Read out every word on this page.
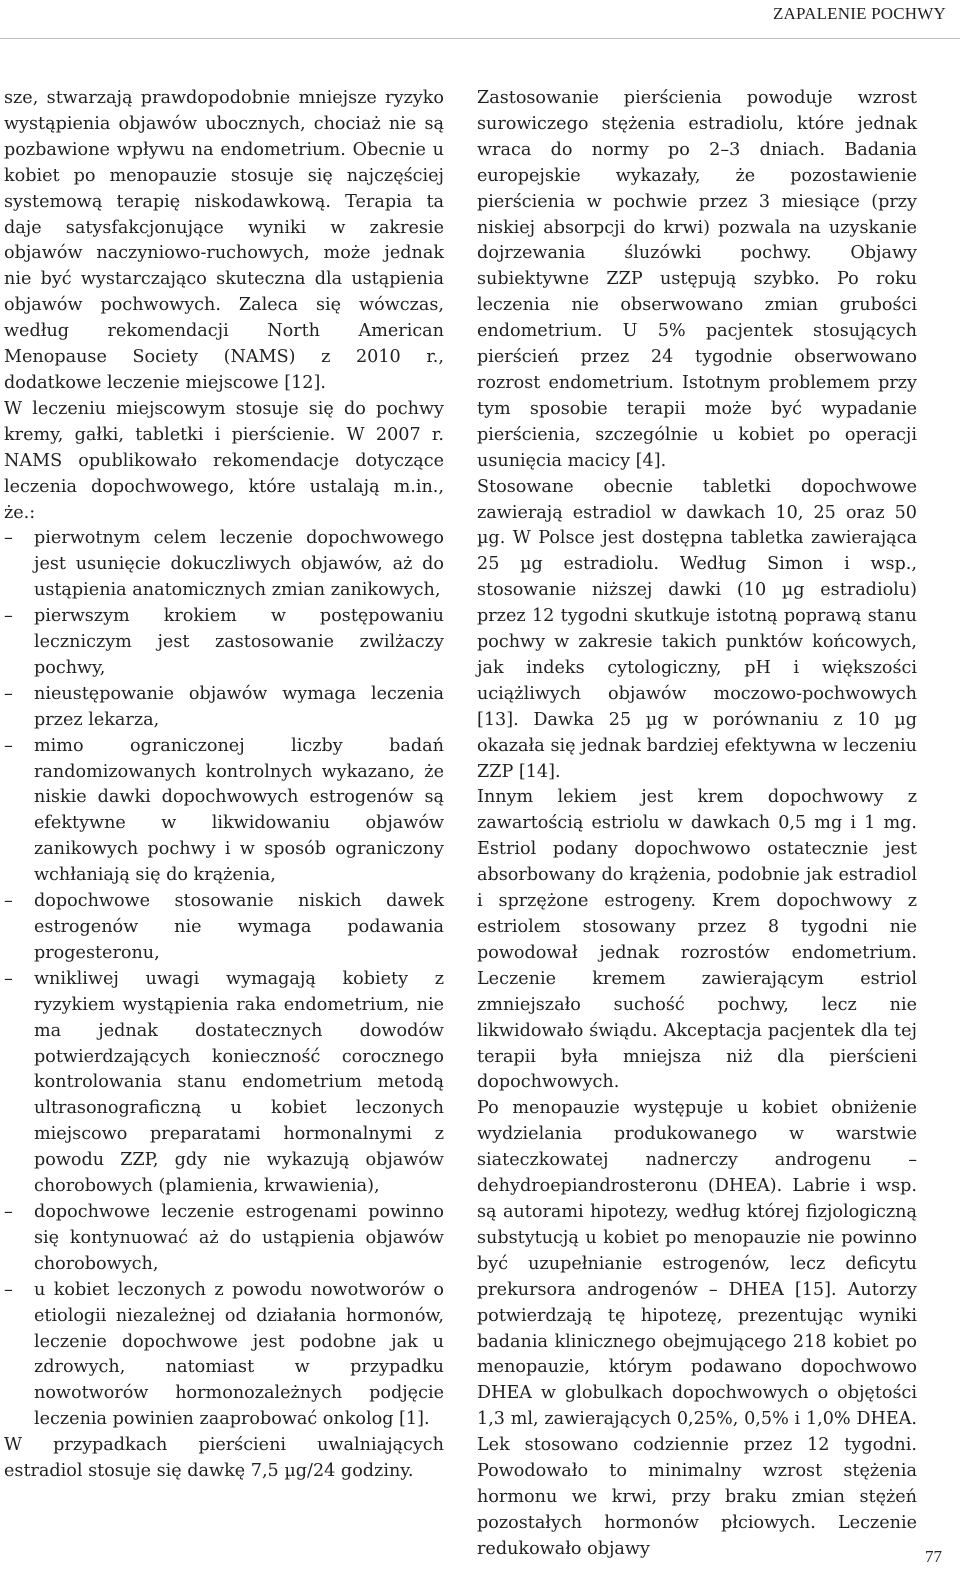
ZAPALENIE POCHWY

sze, stwarzają prawdopodobnie mniejsze ryzyko wystąpienia objawów ubocznych, chociaż nie są pozbawione wpływu na endometrium. Obecnie u kobiet po menopauzie stosuje się najczęściej systemową terapię niskodawkową. Terapia ta daje satysfakcjonujące wyniki w zakresie objawów naczyniowo-ruchowych, może jednak nie być wystarczająco skuteczna dla ustąpienia objawów pochwowych. Zaleca się wówczas, według rekomendacji North American Menopause Society (NAMS) z 2010 r., dodatkowe leczenie miejscowe [12].

W leczeniu miejscowym stosuje się do pochwy kremy, gałki, tabletki i pierścienie. W 2007 r. NAMS opublikowało rekomendacje dotyczące leczenia dopochwowego, które ustalają m.in., że.:

– pierwotnym celem leczenie dopochwowego jest usunięcie dokuczliwych objawów, aż do ustąpienia anatomicznych zmian zanikowych,
– pierwszym krokiem w postępowaniu leczniczym jest zastosowanie zwilżaczy pochwy,
– nieustępowanie objawów wymaga leczenia przez lekarza,
– mimo ograniczonej liczby badań randomizowanych kontrolnych wykazano, że niskie dawki dopochwowych estrogenów są efektywne w likwidowaniu objawów zanikowych pochwy i w sposób ograniczony wchłaniają się do krążenia,
– dopochwowe stosowanie niskich dawek estrogenów nie wymaga podawania progesteronu,
– wnikliwej uwagi wymagają kobiety z ryzykiem wystąpienia raka endometrium, nie ma jednak dostatecznych dowodów potwierdzających konieczność corocznego kontrolowania stanu endometrium metodą ultrasonograficzną u kobiet leczonych miejscowo preparatami hormonalnymi z powodu ZZP, gdy nie wykazują objawów chorobowych (plamienia, krwawienia),
– dopochwowe leczenie estrogenami powinno się kontynuować aż do ustąpienia objawów chorobowych,
– u kobiet leczonych z powodu nowotworów o etiologii niezależnej od działania hormonów, leczenie dopochwowe jest podobne jak u zdrowych, natomiast w przypadku nowotworów hormonozależnych podjęcie leczenia powinien zaaprobować onkolog [1].

W przypadkach pierścieni uwalniających estradiol stosuje się dawkę 7,5 µg/24 godziny.

Zastosowanie pierścienia powoduje wzrost surowiczego stężenia estradiolu, które jednak wraca do normy po 2–3 dniach. Badania europejskie wykazały, że pozostawienie pierścienia w pochwie przez 3 miesiące (przy niskiej absorpcji do krwi) pozwala na uzyskanie dojrzewania śluzówki pochwy. Objawy subiektywne ZZP ustępują szybko. Po roku leczenia nie obserwowano zmian grubości endometrium. U 5% pacjentek stosujących pierścień przez 24 tygodnie obserwowano rozrost endometrium. Istotnym problemem przy tym sposobie terapii może być wypadanie pierścienia, szczególnie u kobiet po operacji usunięcia macicy [4].

Stosowane obecnie tabletki dopochwowe zawierają estradiol w dawkach 10, 25 oraz 50 µg. W Polsce jest dostępna tabletka zawierająca 25 µg estradiolu. Według Simon i wsp., stosowanie niższej dawki (10 µg estradiolu) przez 12 tygodni skutkuje istotną poprawą stanu pochwy w zakresie takich punktów końcowych, jak indeks cytologiczny, pH i większości uciążliwych objawów moczowo-pochwowych [13]. Dawka 25 µg w porównaniu z 10 µg okazała się jednak bardziej efektywna w leczeniu ZZP [14].

Innym lekiem jest krem dopochwowy z zawartością estriolu w dawkach 0,5 mg i 1 mg. Estriol podany dopochwowo ostatecznie jest absorbowany do krążenia, podobnie jak estradiol i sprzężone estrogeny. Krem dopochwowy z estriolem stosowany przez 8 tygodni nie powodował jednak rozrostów endometrium. Leczenie kremem zawierającym estriol zmniejszało suchość pochwy, lecz nie likwidowało świądu. Akceptacja pacjentek dla tej terapii była mniejsza niż dla pierścieni dopochwowych.

Po menopauzie występuje u kobiet obniżenie wydzielania produkowanego w warstwie siateczkowatej nadnerczy androgenu – dehydroepiandrosteronu (DHEA). Labrie i wsp. są autorami hipotezy, według której fizjologiczną substytucją u kobiet po menopauzie nie powinno być uzupełnianie estrogenów, lecz deficytu prekursora androgenów – DHEA [15]. Autorzy potwierdzają tę hipotezę, prezentując wyniki badania klinicznego obejmującego 218 kobiet po menopauzie, którym podawano dopochwowo DHEA w globulkach dopochwowych o objętości 1,3 ml, zawierających 0,25%, 0,5% i 1,0% DHEA. Lek stosowano codziennie przez 12 tygodni. Powodowało to minimalny wzrost stężenia hormonu we krwi, przy braku zmian stężeń pozostałych hormonów płciowych. Leczenie redukowało objawy	77
